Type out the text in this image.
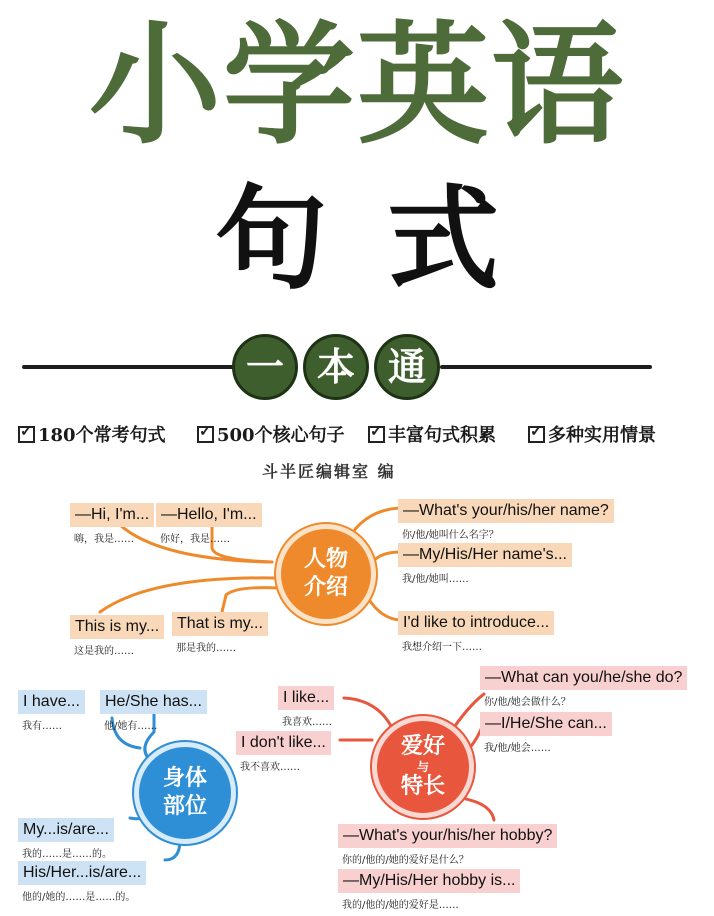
小学英语
句式
一 本 通
✓180个常考句式 ✓	500个核心句子 ✓	丰富句式积累 ✓	多种实用情景
斗半匠编辑室 编
人物
介绍
—Hi, I'm...
嗨，我是……
—Hello, I'm...
你好，我是……
—What's your/his/her name?
你/他/她叫什么名字？
—My/His/Her name's...
我/他/她叫……
This is my...
这是我的……
That is my...
那是我的……
I'd like to introduce...
我想介绍一下……
身体
部位
I have...
我有……
He/She has...
他/她有……
My...is/are...
我的……是……的。
His/Her...is/are...
他的/她的……是……的。
爱好
与
特长
I like...
我喜欢……
I don't like...
我不喜欢……
—What can you/he/she do?
你/他/她会做什么？
—I/He/She can...
我/他/她会……
—What's your/his/her hobby?
你的/他的/她的爱好是什么？
—My/His/Her hobby is...
我的/他的/她的爱好是……
